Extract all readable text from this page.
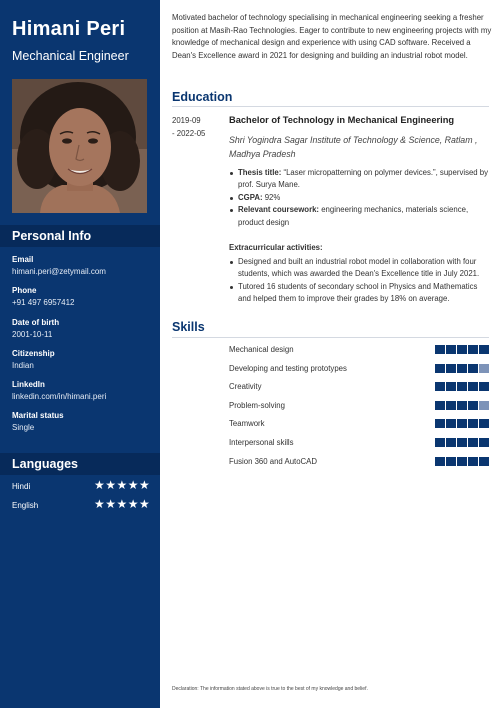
Himani Peri
Mechanical Engineer
Personal Info
Email
himani.peri@zetymail.com
Phone
+91 497 6957412
Date of birth
2001-10-11
Citizenship
Indian
LinkedIn
linkedin.com/in/himani.peri
Marital status
Single
Languages
Hindi	★★★★★
English	★★★★★
Motivated bachelor of technology specialising in mechanical engineering seeking a fresher position at Masih-Rao Technologies. Eager to contribute to new engineering projects with my knowledge of mechanical design and experience with using CAD software. Received a Dean's Excellence award in 2021 for designing and building an industrial robot model.
Education
2019-09
- 2022-05
Bachelor of Technology in Mechanical Engineering
Shri Yogindra Sagar Institute of Technology & Science, Ratlam , Madhya Pradesh
Thesis title: “Laser micropatterning on polymer devices.”, supervised by prof. Surya Mane.
CGPA: 92%
Relevant coursework: engineering mechanics, materials science, product design
Extracurricular activities:
Designed and built an industrial robot model in collaboration with four students, which was awarded the Dean's Excellence title in July 2021.
Tutored 16 students of secondary school in Physics and Mathematics and helped them to improve their grades by 18% on average.
Skills
Mechanical design
Developing and testing prototypes
Creativity
Problem-solving
Teamwork
Interpersonal skills
Fusion 360 and AutoCAD
Declaration: The information stated above is true to the best of my knowledge and belief.
